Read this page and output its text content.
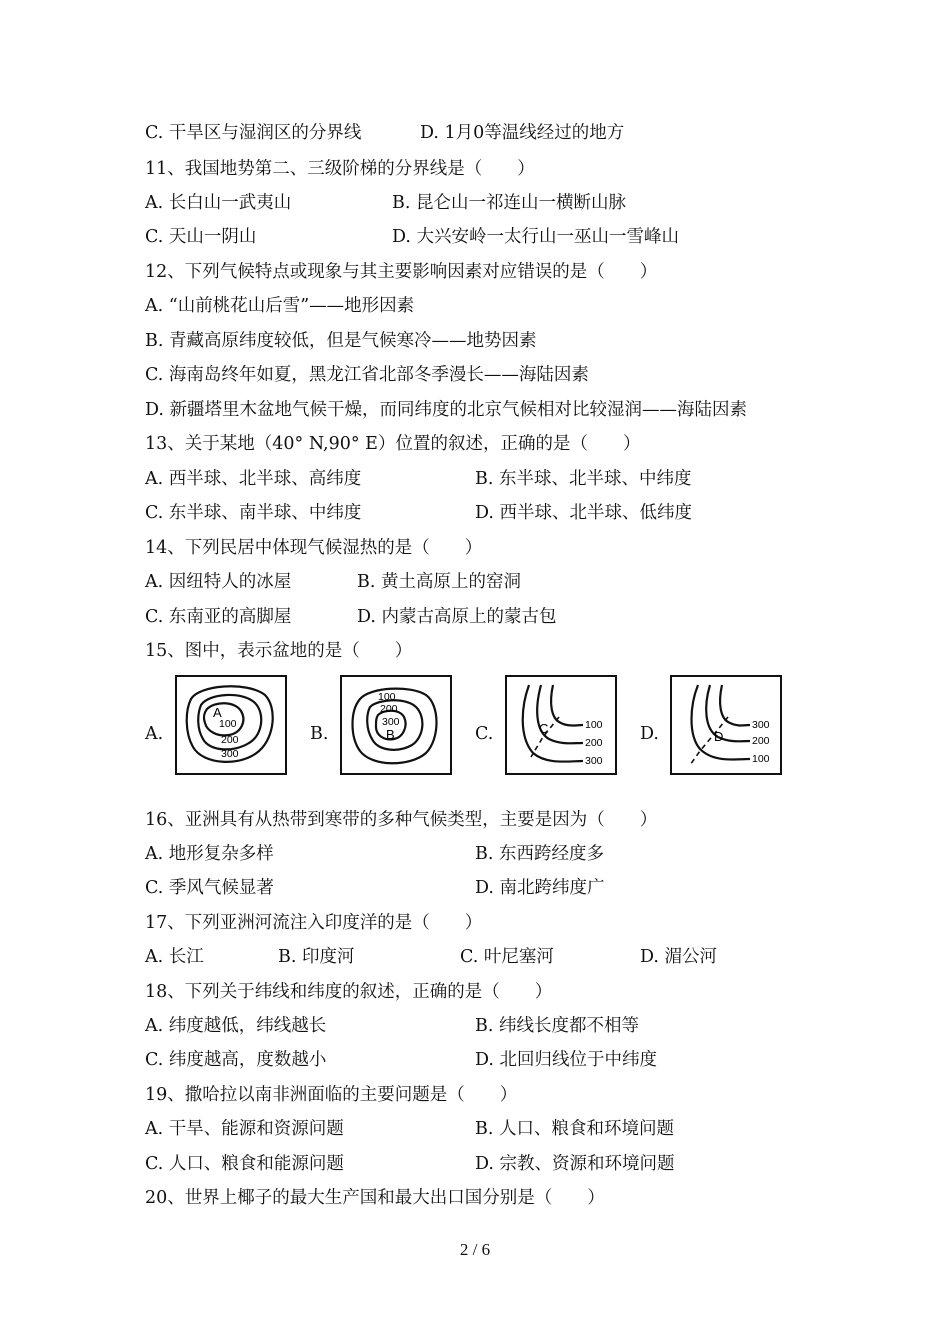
C. 干旱区与湿润区的分界线	D. 1月0等温线经过的地方
11、我国地势第二、三级阶梯的分界线是（　　）
A. 长白山一武夷山	B. 昆仑山一祁连山一横断山脉
C. 天山一阴山	D. 大兴安岭一太行山一巫山一雪峰山
12、下列气候特点或现象与其主要影响因素对应错误的是（　　）
A. “山前桃花山后雪”——地形因素
B. 青藏高原纬度较低，但是气候寒冷——地势因素
C. 海南岛终年如夏，黑龙江省北部冬季漫长——海陆因素
D. 新疆塔里木盆地气候干燥，而同纬度的北京气候相对比较湿润——海陆因素
13、关于某地（40° N,90° E）位置的叙述，正确的是（　　）
A. 西半球、北半球、高纬度	B. 东半球、北半球、中纬度
C. 东半球、南半球、中纬度	D. 西半球、北半球、低纬度
14、下列民居中体现气候湿热的是（　　）
A. 因纽特人的冰屋	B. 黄土高原上的窑洞
C. 东南亚的高脚屋	D. 内蒙古高原上的蒙古包
15、图中，表示盆地的是（　　）
A.
A
100
200
300
B.
100
200
300
B	C.	C	100
200
300
D.	D
300
200
100
16、亚洲具有从热带到寒带的多种气候类型，主要是因为（　　）
A. 地形复杂多样	B. 东西跨经度多
C. 季风气候显著	D. 南北跨纬度广
17、下列亚洲河流注入印度洋的是（　　）
A. 长江	B. 印度河	C. 叶尼塞河	D. 湄公河
18、下列关于纬线和纬度的叙述，正确的是（　　）
A. 纬度越低，纬线越长	B. 纬线长度都不相等
C. 纬度越高，度数越小	D. 北回归线位于中纬度
19、撒哈拉以南非洲面临的主要问题是（　　）
A. 干旱、能源和资源问题	B. 人口、粮食和环境问题
C. 人口、粮食和能源问题	D. 宗教、资源和环境问题
20、世界上椰子的最大生产国和最大出口国分别是（　　）
2 / 6
